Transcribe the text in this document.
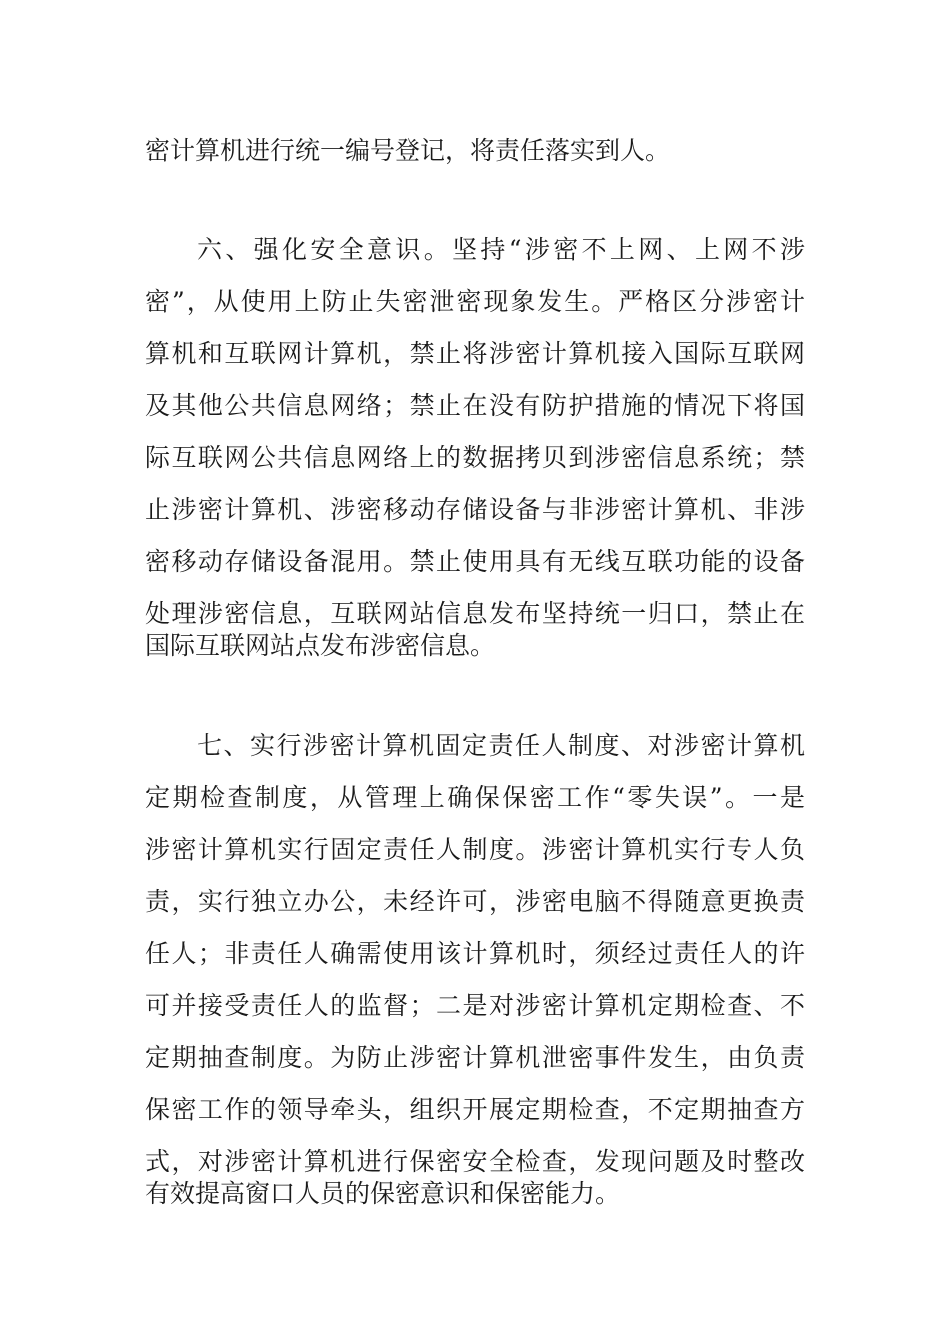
密计算机进行统一编号登记，将责任落实到人。

六、强化安全意识。坚持“涉密不上网、上网不涉

密”，从使用上防止失密泄密现象发生。严格区分涉密计

算机和互联网计算机，禁止将涉密计算机接入国际互联网

及其他公共信息网络；禁止在没有防护措施的情况下将国

际互联网公共信息网络上的数据拷贝到涉密信息系统；禁

止涉密计算机、涉密移动存储设备与非涉密计算机、非涉

密移动存储设备混用。禁止使用具有无线互联功能的设备

处理涉密信息，互联网站信息发布坚持统一归口，禁止在

国际互联网站点发布涉密信息。

七、实行涉密计算机固定责任人制度、对涉密计算机

定期检查制度，从管理上确保保密工作“零失误”。一是

涉密计算机实行固定责任人制度。涉密计算机实行专人负

责，实行独立办公，未经许可，涉密电脑不得随意更换责

任人；非责任人确需使用该计算机时，须经过责任人的许

可并接受责任人的监督；二是对涉密计算机定期检查、不

定期抽查制度。为防止涉密计算机泄密事件发生，由负责

保密工作的领导牵头，组织开展定期检查，不定期抽查方

式，对涉密计算机进行保密安全检查，发现问题及时整改

有效提高窗口人员的保密意识和保密能力。
